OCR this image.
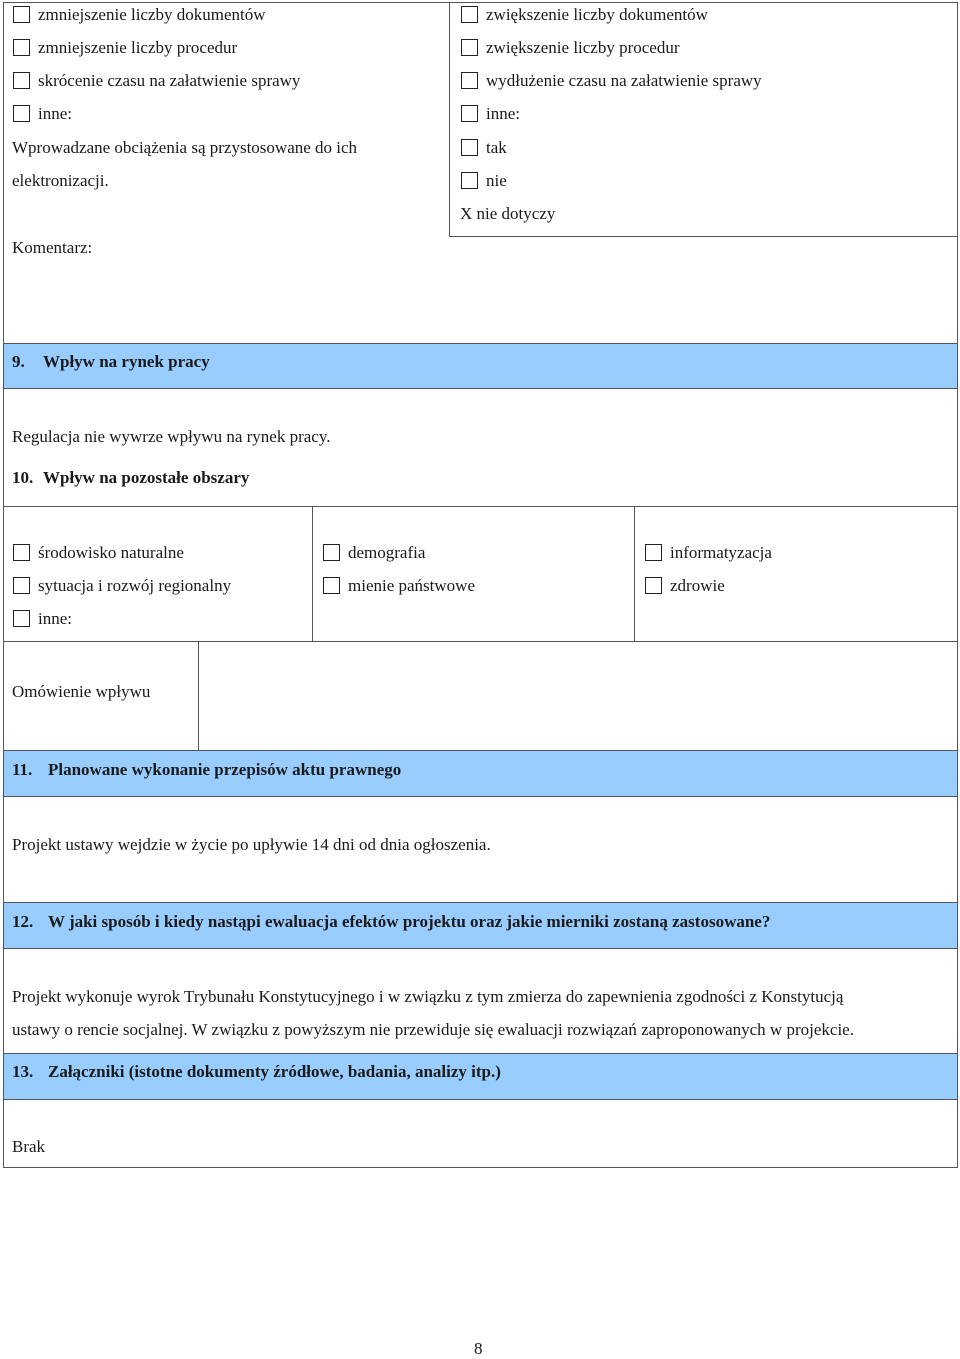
zmniejszenie liczby dokumentów
zmniejszenie liczby procedur
skrócenie czasu na załatwienie sprawy
inne:
Wprowadzane obciążenia są przystosowane do ich
elektronizacji.
Komentarz:
zwiększenie liczby dokumentów
zwiększenie liczby procedur
wydłużenie czasu na załatwienie sprawy
inne:
tak
nie
X nie dotyczy
9. Wpływ na rynek pracy
Regulacja nie wywrze wpływu na rynek pracy.
10. Wpływ na pozostałe obszary
środowisko naturalne
sytuacja i rozwój regionalny
inne:
demografia
mienie państwowe
informatyzacja
zdrowie
Omówienie wpływu
11. Planowane wykonanie przepisów aktu prawnego
Projekt ustawy wejdzie w życie po upływie 14 dni od dnia ogłoszenia.
12. W jaki sposób i kiedy nastąpi ewaluacja efektów projektu oraz jakie mierniki zostaną zastosowane?
Projekt wykonuje wyrok Trybunału Konstytucyjnego i w związku z tym zmierza do zapewnienia zgodności z Konstytucją
ustawy o rencie socjalnej. W związku z powyższym nie przewiduje się ewaluacji rozwiązań zaproponowanych w projekcie.
13. Załączniki (istotne dokumenty źródłowe, badania, analizy itp.)
Brak
8
